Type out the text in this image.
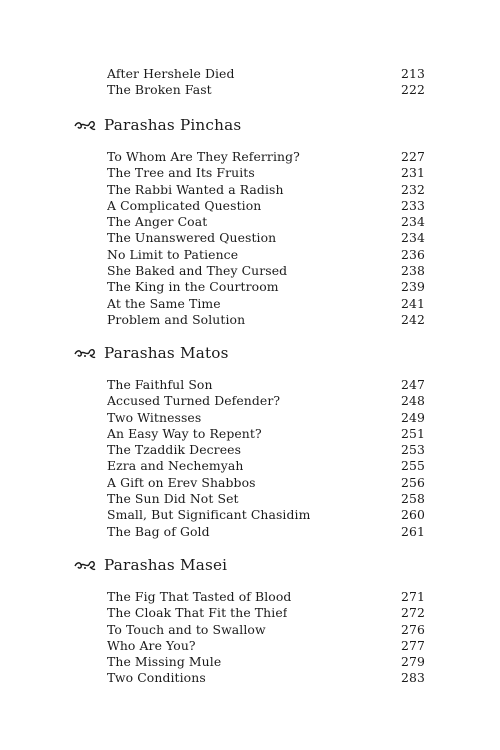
After Hershele Died	213
The Broken Fast	222
Parashas Pinchas
To Whom Are They Referring?	227
The Tree and Its Fruits	231
The Rabbi Wanted a Radish	232
A Complicated Question	233
The Anger Coat	234
The Unanswered Question	234
No Limit to Patience	236
She Baked and They Cursed	238
The King in the Courtroom	239
At the Same Time	241
Problem and Solution	242
Parashas Matos
The Faithful Son	247
Accused Turned Defender?	248
Two Witnesses	249
An Easy Way to Repent?	251
The Tzaddik Decrees	253
Ezra and Nechemyah	255
A Gift on Erev Shabbos	256
The Sun Did Not Set	258
Small, But Significant Chasidim	260
The Bag of Gold	261
Parashas Masei
The Fig That Tasted of Blood	271
The Cloak That Fit the Thief	272
To Touch and to Swallow	276
Who Are You?	277
The Missing Mule	279
Two Conditions	283
